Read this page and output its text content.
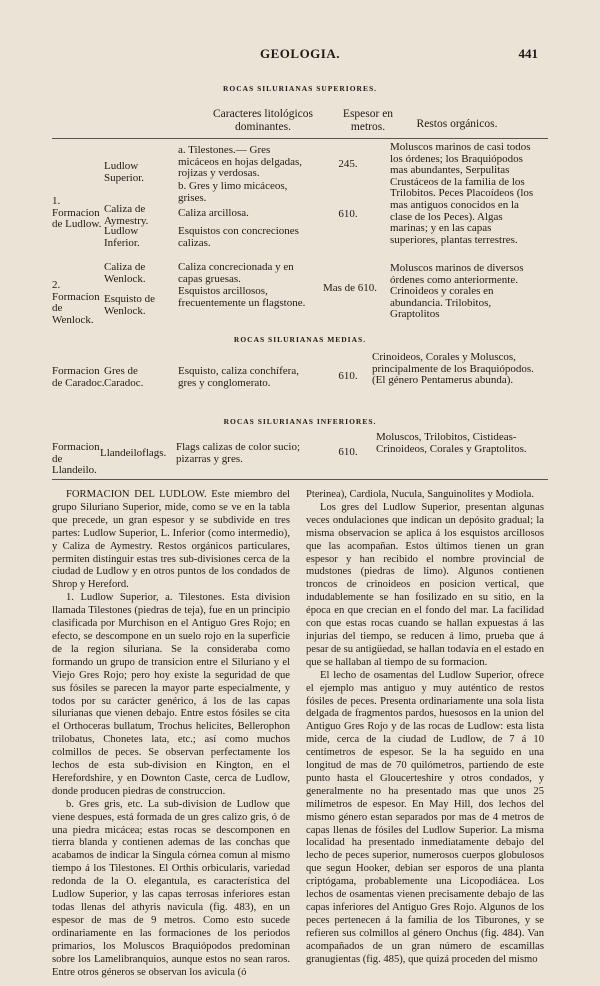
GEOLOGIA.	441
ROCAS SILURIANAS SUPERIORES.
Caracteres litológicos dominantes.
Espesor en metros.	Restos orgánicos.
1. Formacion de Ludlow.
Ludlow Superior.
Caliza de Aymestry.
Ludlow Inferior.
a. Tilestones.— Gres micáceos en hojas delgadas, rojizas y verdosas.
b. Gres y limo micáceos, grises.
Caliza arcillosa.
Esquistos con concreciones calizas.
245.
610.
Moluscos marinos de casi todos los órdenes; los Braquiópodos mas abundantes, Serpulitas Crustáceos de la familia de los Trilobitos. Peces Placoídeos (los mas antiguos conocidos en la clase de los Peces). Algas marinas; y en las capas superiores, plantas terrestres.
2. Formacion de Wenlock.
Caliza de Wenlock.
Esquisto de Wenlock.
Caliza concrecionada y en capas gruesas.
Esquistos arcillosos, frecuentemente un flagstone.
Mas de 610.
Moluscos marinos de diversos órdenes como anteriormente. Crinoideos y corales en abundancia. Trilobitos, Graptolitos
ROCAS SILURIANAS MEDIAS.
Formacion de Caradoc.
Gres de Caradoc.
Esquisto, caliza conchífera, gres y conglomerato.
610.
Crinoideos, Corales y Moluscos, principalmente de los Braquiópodos. (El género Pentamerus abunda).
ROCAS SILURIANAS INFERIORES.
Formacion de Llandeilo.
Llandeiloflags. Flags calizas de color sucio; pizarras y gres.
610.
Moluscos, Trilobitos, Cistideas-Crinoideos, Corales y Graptolitos.

FORMACION DEL LUDLOW. Este miembro del grupo Siluriano Superior, mide, como se ve en la tabla que precede, un gran espesor y se subdivide en tres partes: Ludlow Superior, L. Inferior (como intermedio), y Caliza de Aymestry. Restos orgánicos particulares, permiten distinguir estas tres sub-divisiones cerca de la ciudad de Ludlow y en otros puntos de los condados de Shrop y Hereford.

1. Ludlow Superior, a. Tilestones. Esta division llamada Tilestones (piedras de teja), fue en un principio clasificada por Murchison en el Antiguo Gres Rojo; en efecto, se descompone en un suelo rojo en la superficie de la region siluriana. Se la consideraba como formando un grupo de transicion entre el Siluriano y el Viejo Gres Rojo; pero hoy existe la seguridad de que sus fósiles se parecen la mayor parte especialmente, y todos por su carácter genérico, á los de las capas silurianas que vienen debajo. Entre estos fósiles se cita el Orthoceras bullatum, Trochus helicites, Bellerophon trilobatus, Chonetes lata, etc.; así como muchos colmillos de peces. Se observan perfectamente los lechos de esta sub-division en Kington, en el Herefordshire, y en Downton Caste, cerca de Ludlow, donde producen piedras de construccion.

b. Gres gris, etc. La sub-division de Ludlow que viene despues, está formada de un gres calizo gris, ó de una piedra micácea; estas rocas se descomponen en tierra blanda y contienen ademas de las conchas que acabamos de indicar la Singula córnea comun al mismo tiempo á los Tilestones. El Orthis orbicularis, variedad redonda de la O. elegantula, es característica del Ludlow Superior, y las capas terrosas inferiores estan todas llenas del athyris navicula (fig. 483), en un espesor de mas de 9 metros. Como esto sucede ordinariamente en las formaciones de los periodos primarios, los Moluscos Braquiópodos predominan sobre los Lamelibranquios, aunque estos no sean raros. Entre otros géneros se observan los avicula (ó

Pterinea), Cardiola, Nucula, Sanguinolites y Modiola.

Los gres del Ludlow Superior, presentan algunas veces ondulaciones que indican un depósito gradual; la misma observacion se aplica á los esquistos arcillosos que las acompañan. Estos últimos tienen un gran espesor y han recibido el nombre provincial de mudstones (piedras de limo). Algunos contienen troncos de crinoideos en posicion vertical, que indudablemente se han fosilizado en su sitio, en la época en que crecian en el fondo del mar. La facilidad con que estas rocas cuando se hallan expuestas á las injurias del tiempo, se reducen á limo, prueba que á pesar de su antigüedad, se hallan todavía en el estado en que se hallaban al tiempo de su formacion.

El lecho de osamentas del Ludlow Superior, ofrece el ejemplo mas antiguo y muy auténtico de restos fósiles de peces. Presenta ordinariamente una sola lista delgada de fragmentos pardos, huesosos en la union del Antiguo Gres Rojo y de las rocas de Ludlow: esta lista mide, cerca de la ciudad de Ludlow, de 7 á 10 centímetros de espesor. Se la ha seguido en una longitud de mas de 70 quilómetros, partiendo de este punto hasta el Gloucerteshire y otros condados, y generalmente no ha presentado mas que unos 25 milímetros de espesor. En May Hill, dos lechos del mismo género estan separados por mas de 4 metros de capas llenas de fósiles del Ludlow Superior. La misma localidad ha presentado inmediatamente debajo del lecho de peces superior, numerosos cuerpos globulosos que segun Hooker, debian ser esporos de una planta criptógama, probablemente una Licopodiácea. Los lechos de osamentas vienen precisamente debajo de las capas inferiores del Antiguo Gres Rojo. Algunos de los peces pertenecen á la familia de los Tiburones, y se refieren sus colmillos al género Onchus (fig. 484). Van acompañados de un gran número de escamillas granugientas (fig. 485), que quizá proceden del mismo
